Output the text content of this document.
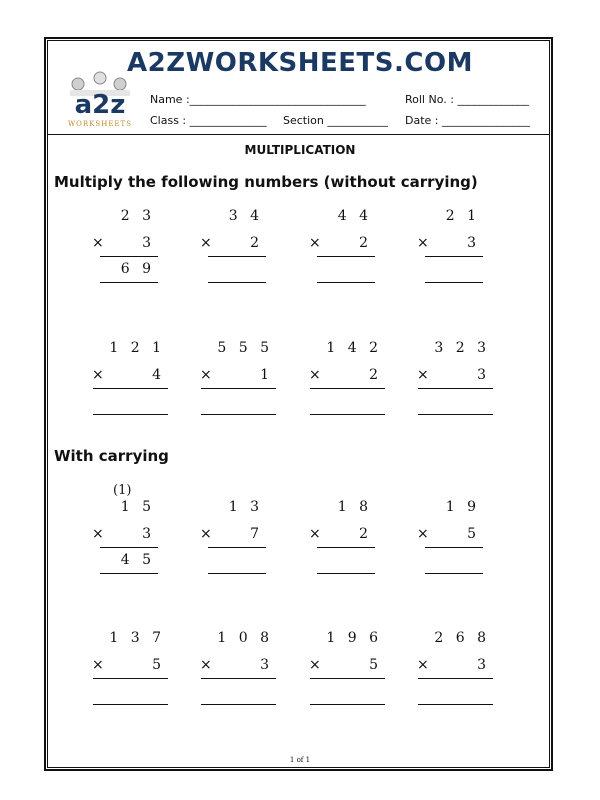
A2ZWORKSHEETS.COM
a2z
WORKSHEETS
Name :________________________________	Roll No. : _____________
Class : ______________ Section ___________ Date : ________________
MULTIPLICATION
Multiply the following numbers (without carrying)
With carrying
(1)
2 3
×	3
6 9
3 4
×	2
4 4
×	2
2 1
×	3
1 2 1
×	4
5 5 5
×	1
1 4 2
×	2
3 2 3
×	3
1 5
×	3
4 5
1 3
×	7
1 8
×	2
1 9
×	5
1 3 7
×	5
1 0 8
×	3
1 9 6
×	5
2 6 8
×	3
1 of 1
